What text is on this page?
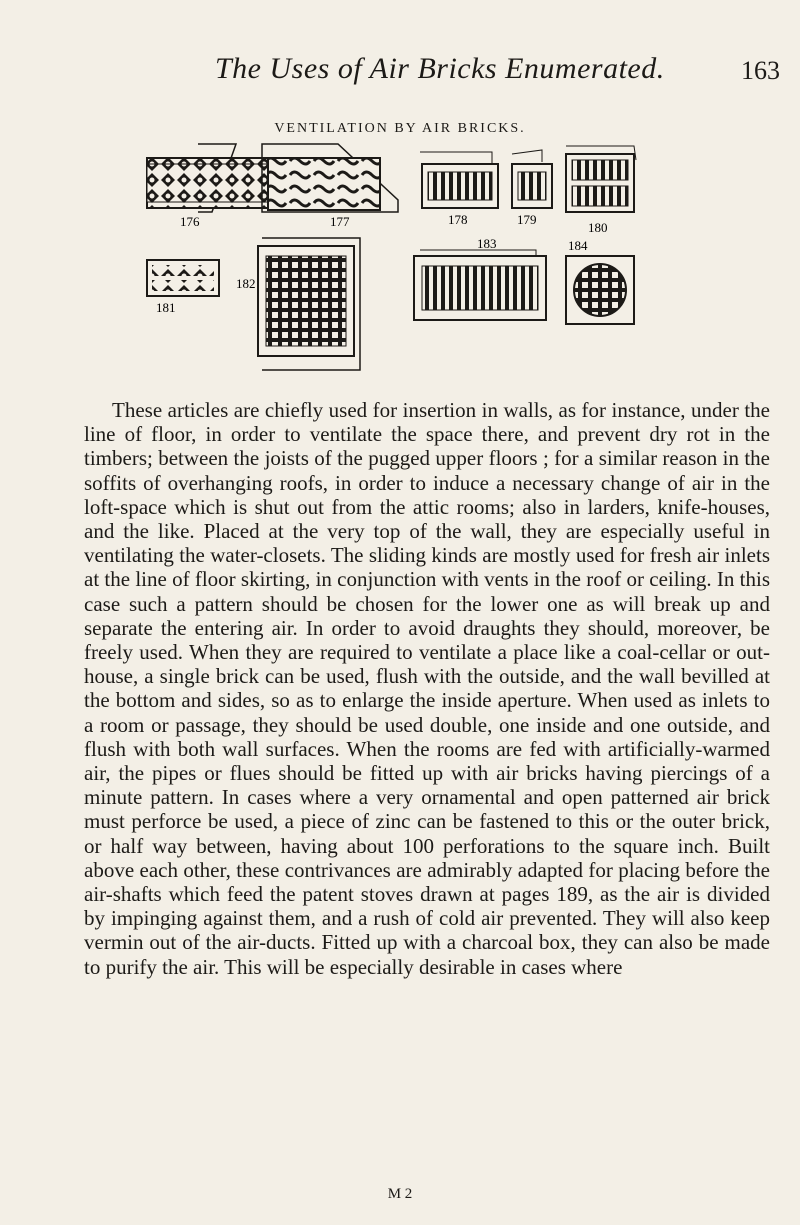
The Uses of Air Bricks Enumerated.	163
VENTILATION BY AIR BRICKS.
176	177	178	179
180
181
182
183	184

These articles are chiefly used for insertion in walls, as for instance, under the line of floor, in order to ventilate the space there, and prevent dry rot in the timbers; between the joists of the pugged upper floors ; for a similar reason in the soffits of overhanging roofs, in order to induce a necessary change of air in the loft-space which is shut out from the attic rooms; also in larders, knife-houses, and the like. Placed at the very top of the wall, they are especially useful in ventilating the water-closets. The sliding kinds are mostly used for fresh air inlets at the line of floor skirting, in conjunction with vents in the roof or ceiling. In this case such a pattern should be chosen for the lower one as will break up and separate the entering air. In order to avoid draughts they should, moreover, be freely used. When they are required to ventilate a place like a coal-cellar or out-house, a single brick can be used, flush with the outside, and the wall bevilled at the bottom and sides, so as to enlarge the inside aperture. When used as inlets to a room or passage, they should be used double, one inside and one outside, and flush with both wall surfaces. When the rooms are fed with artificially-warmed air, the pipes or flues should be fitted up with air bricks having piercings of a minute pattern. In cases where a very ornamental and open patterned air brick must perforce be used, a piece of zinc can be fastened to this or the outer brick, or half way between, having about 100 perforations to the square inch. Built above each other, these contrivances are admirably adapted for placing before the air-shafts which feed the patent stoves drawn at pages 189, as the air is divided by impinging against them, and a rush of cold air prevented. They will also keep vermin out of the air-ducts. Fitted up with a charcoal box, they can also be made to purify the air. This will be especially desirable in cases where

M 2
